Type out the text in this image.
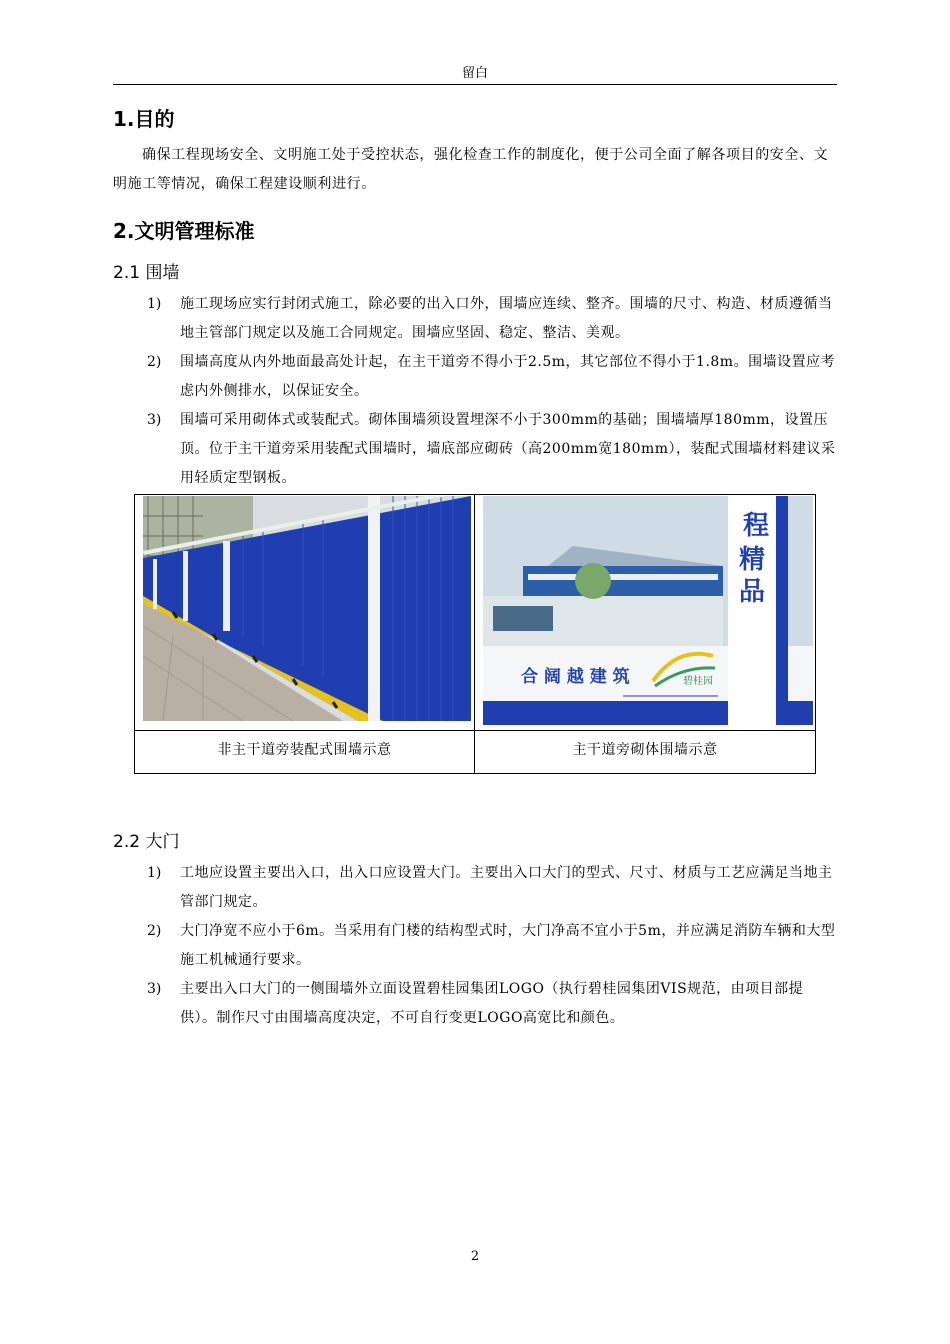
留白
1.目的
确保工程现场安全、文明施工处于受控状态，强化检查工作的制度化，便于公司全面了解各项目的安全、文明施工等情况，确保工程建设顺利进行。
2.文明管理标准
2.1 围墙
1)	施工现场应实行封闭式施工，除必要的出入口外，围墙应连续、整齐。围墙的尺寸、构造、材质遵循当地主管部门规定以及施工合同规定。围墙应坚固、稳定、整洁、美观。
2)	围墙高度从内外地面最高处计起，在主干道旁不得小于2.5m，其它部位不得小于1.8m。围墙设置应考虑内外侧排水，以保证安全。
3)	围墙可采用砌体式或装配式。砌体围墙须设置埋深不小于300mm的基础；围墙墙厚180mm，设置压顶。位于主干道旁采用装配式围墙时，墙底部应砌砖（高200mm宽180mm），装配式围墙材料建议采用轻质定型钢板。
程
精
品
合 阔 越 建 筑	碧桂园
非主干道旁装配式围墙示意	主干道旁砌体围墙示意
2.2 大门
1)	工地应设置主要出入口，出入口应设置大门。主要出入口大门的型式、尺寸、材质与工艺应满足当地主管部门规定。
2)	大门净宽不应小于6m。当采用有门楼的结构型式时，大门净高不宜小于5m，并应满足消防车辆和大型施工机械通行要求。
3)	主要出入口大门的一侧围墙外立面设置碧桂园集团LOGO（执行碧桂园集团VIS规范，由项目部提供）。制作尺寸由围墙高度决定，不可自行变更LOGO高宽比和颜色。
2
